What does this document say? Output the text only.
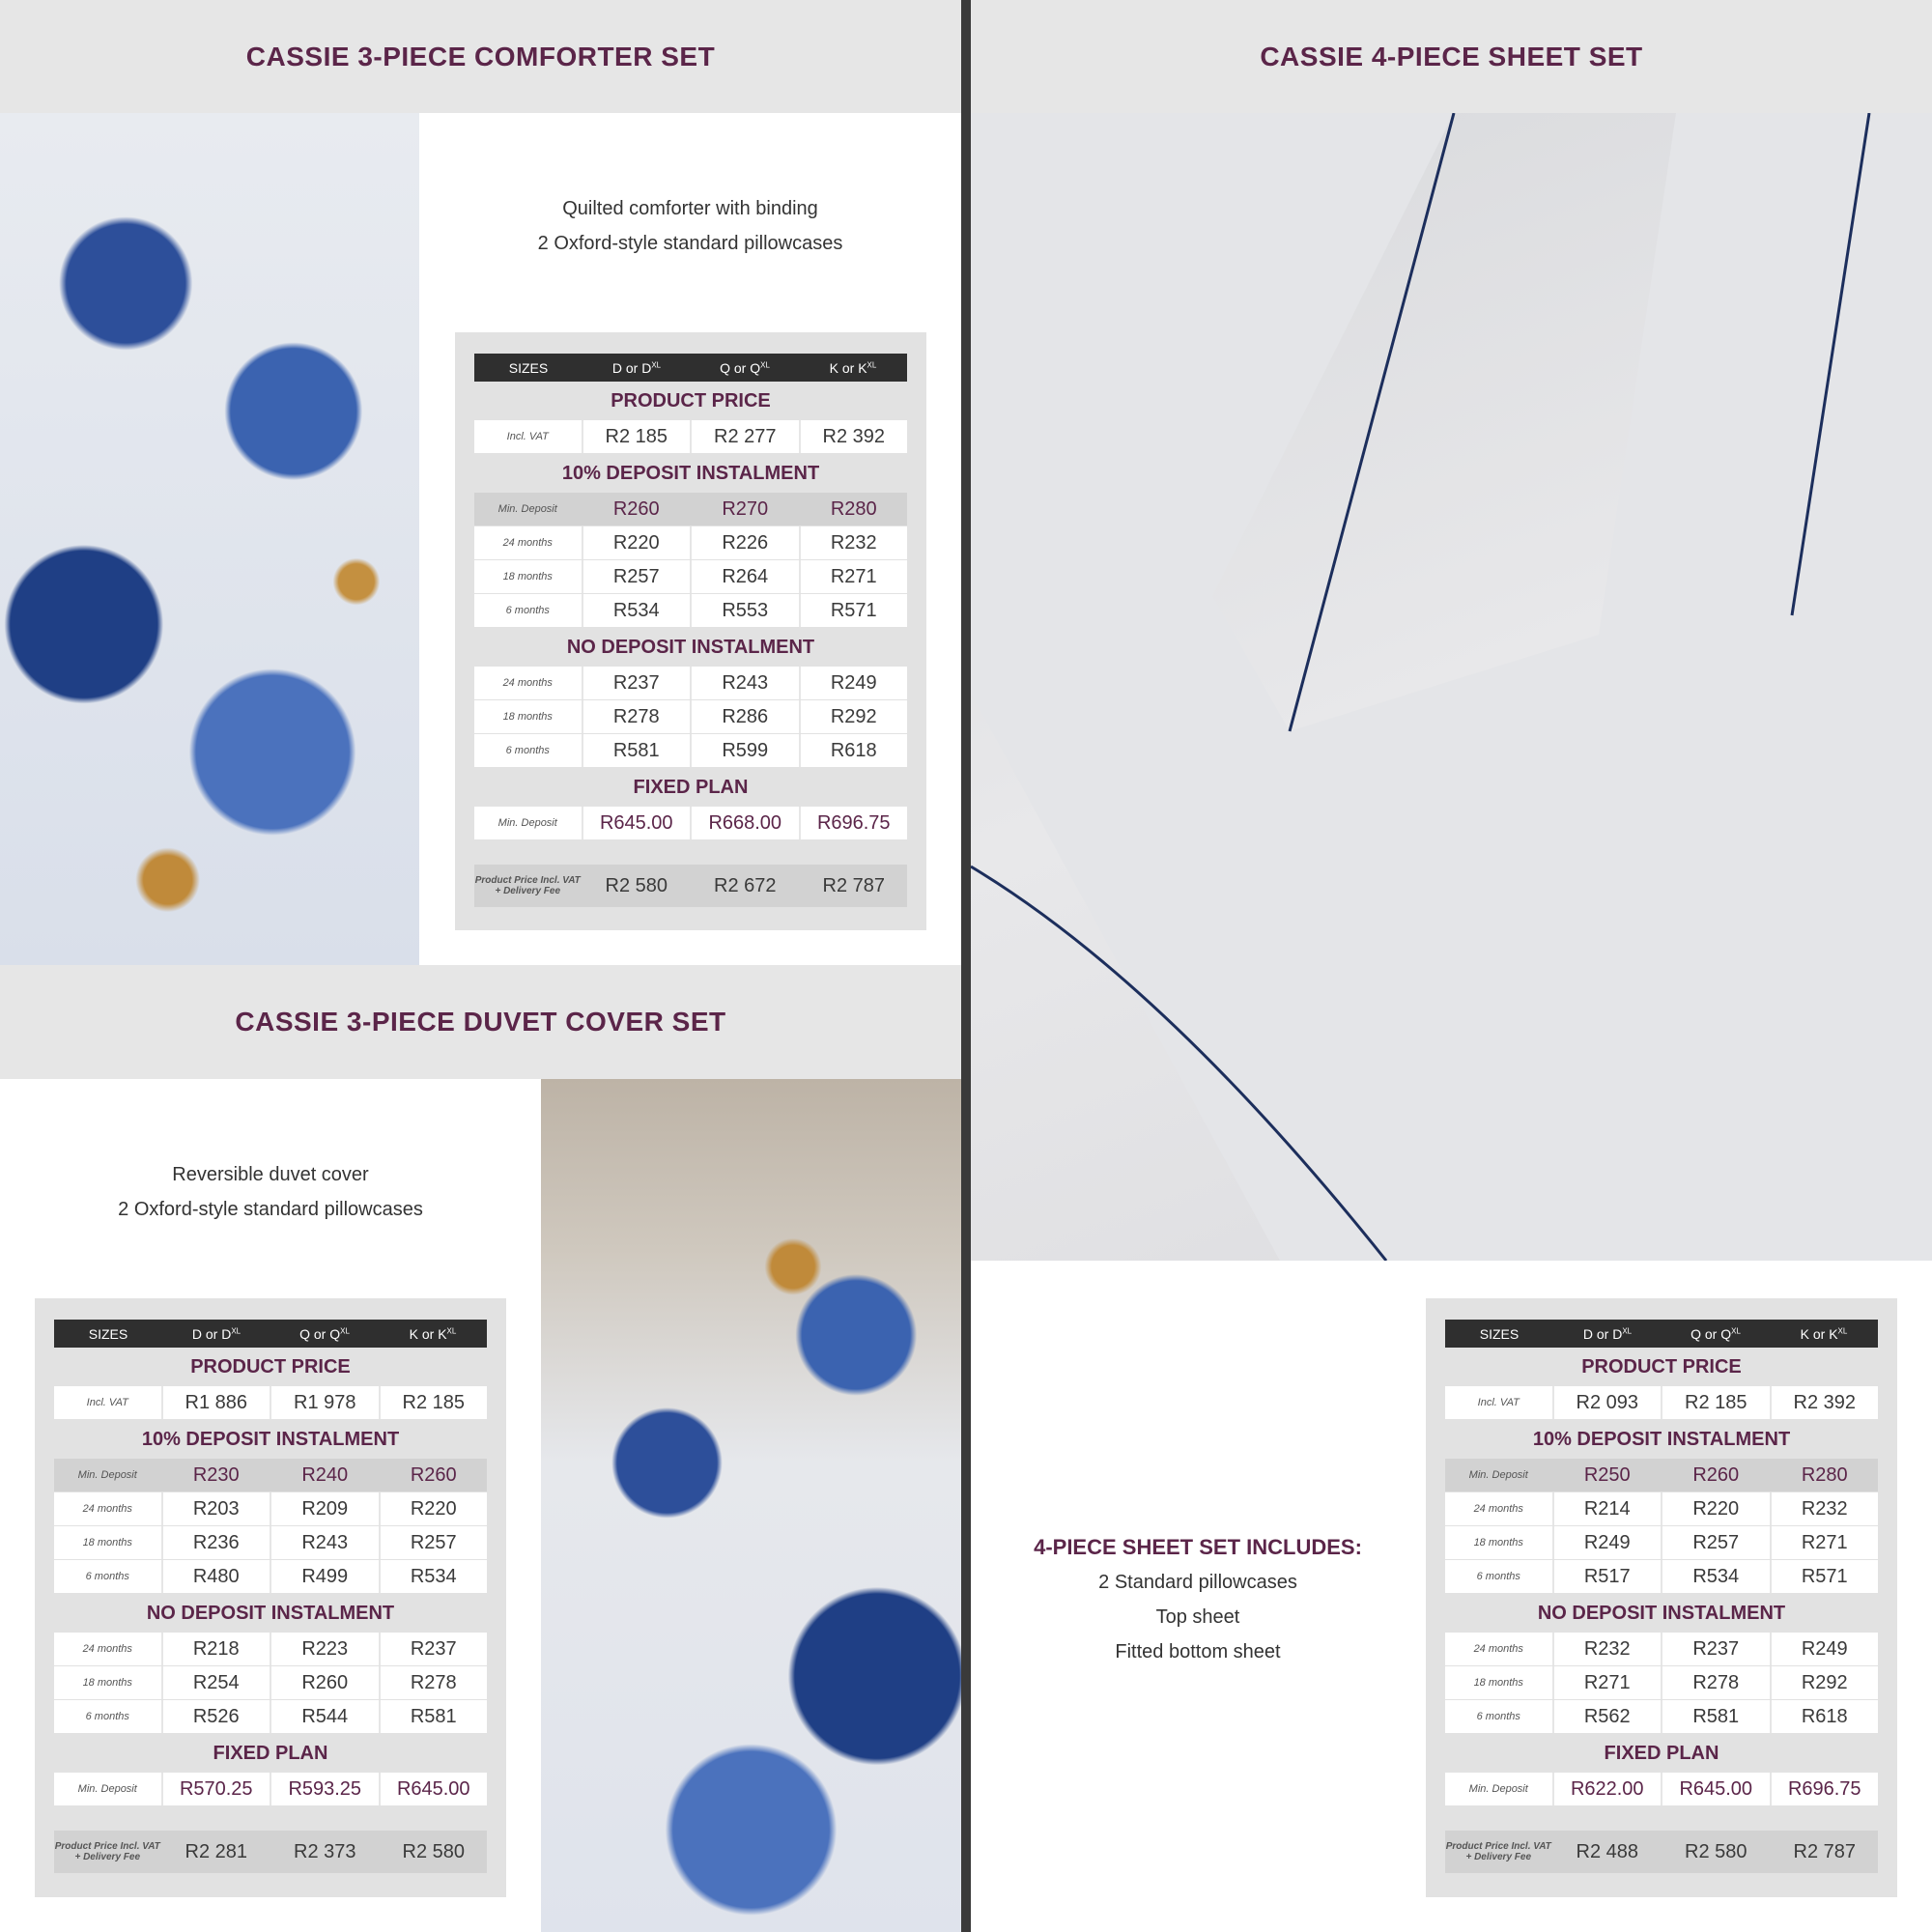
CASSIE 3-PIECE COMFORTER SET
Quilted comforter with binding
2 Oxford-style standard pillowcases
SIZES	D or $D^{XL}$	Q or $Q^{XL}$	K or $K^{XL}$
PRODUCT PRICE
Incl. VAT	R2 185	R2 277	R2 392
10% DEPOSIT INSTALMENT
Min. Deposit	R260	R270	R280
24 months	R220	R226	R232
18 months	R257	R264	R271
6 months	R534	R553	R571
NO DEPOSIT INSTALMENT
24 months	R237	R243	R249
18 months	R278	R286	R292
6 months	R581	R599	R618
FIXED PLAN
Min. Deposit	R645.00	R668.00	R696.75
Product Price Incl. VAT + Delivery Fee	R2 580	R2 672	R2 787
CASSIE 3-PIECE DUVET COVER SET
Reversible duvet cover
2 Oxford-style standard pillowcases
SIZES	D or $D^{XL}$	Q or $Q^{XL}$	K or $K^{XL}$
PRODUCT PRICE
Incl. VAT	R1 886	R1 978	R2 185
10% DEPOSIT INSTALMENT
Min. Deposit	R230	R240	R260
24 months	R203	R209	R220
18 months	R236	R243	R257
6 months	R480	R499	R534
NO DEPOSIT INSTALMENT
24 months	R218	R223	R237
18 months	R254	R260	R278
6 months	R526	R544	R581
FIXED PLAN
Min. Deposit	R570.25	R593.25	R645.00
Product Price Incl. VAT + Delivery Fee	R2 281	R2 373	R2 580
CASSIE 4-PIECE SHEET SET
4-PIECE SHEET SET INCLUDES:
2 Standard pillowcases
Top sheet
Fitted bottom sheet
SIZES	D or $D^{XL}$	Q or $Q^{XL}$	K or $K^{XL}$
PRODUCT PRICE
Incl. VAT	R2 093	R2 185	R2 392
10% DEPOSIT INSTALMENT
Min. Deposit	R250	R260	R280
24 months	R214	R220	R232
18 months	R249	R257	R271
6 months	R517	R534	R571
NO DEPOSIT INSTALMENT
24 months	R232	R237	R249
18 months	R271	R278	R292
6 months	R562	R581	R618
FIXED PLAN
Min. Deposit	R622.00	R645.00	R696.75
Product Price Incl. VAT + Delivery Fee	R2 488	R2 580	R2 787
